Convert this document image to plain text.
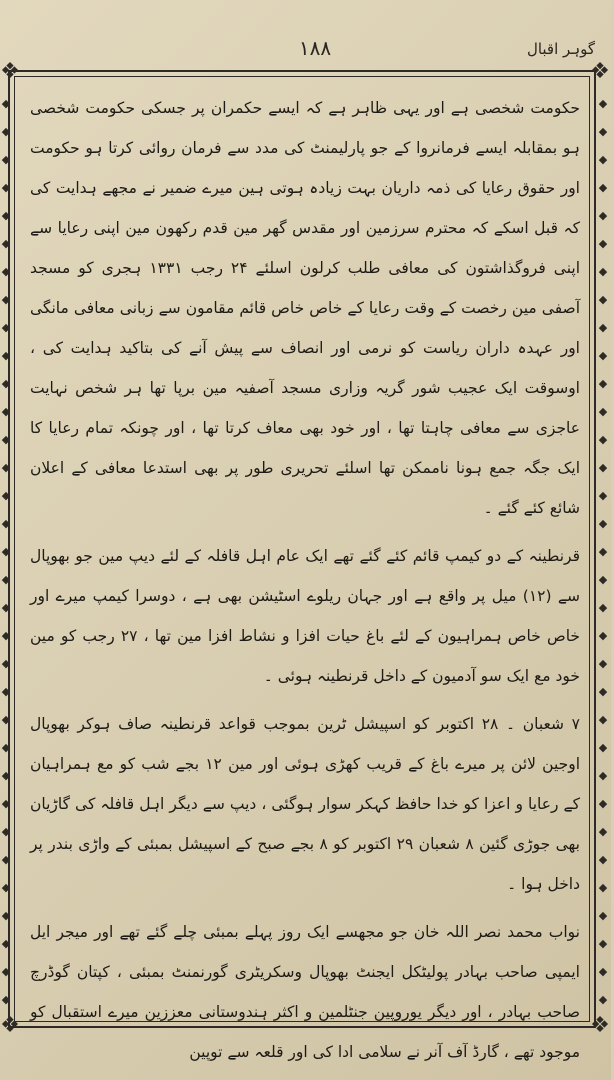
گوہر اقبال
۱۸۸
❖	❖
❖	❖
◆
◆
◆
◆
◆
◆
◆
◆
◆
◆
◆
◆
◆
◆
◆
◆
◆
◆
◆
◆
◆
◆
◆
◆
◆
◆
◆
◆
◆
◆
◆
◆
◆
◆
◆
◆
◆
◆
◆
◆
◆
◆
◆
◆
◆
◆
◆
◆
◆
◆
◆
◆
◆
◆
◆
◆
◆
◆
◆
◆
◆
◆
◆
◆
◆
◆

حکومت شخصی ہے اور یہی ظاہر ہے کہ ایسے حکمران پر جسکی حکومت شخصی ہو بمقابلہ ایسے فرمانروا کے جو پارلیمنٹ کی مدد سے فرمان روائی کرتا ہو حکومت اور حقوق رعایا کی ذمہ داریان بہت زیادہ ہوتی ہین میرے ضمیر نے مجھے ہدایت کی کہ قبل اسکے کہ محترم سرزمین اور مقدس گھر مین قدم رکھون مین اپنی رعایا سے اپنی فروگذاشتون کی معافی طلب کرلون اسلئے ۲۴ رجب ۱۳۳۱ ہجری کو مسجد آصفی مین رخصت کے وقت رعایا کے خاص خاص قائم مقامون سے زبانی معافی مانگی اور عہدہ داران ریاست کو نرمی اور انصاف سے پیش آنے کی بتاکید ہدایت کی ، اوسوقت ایک عجیب شور گریہ وزاری مسجد آصفیہ مین برپا تھا ہر شخص نہایت عاجزی سے معافی چاہتا تھا ، اور خود بھی معاف کرتا تھا ، اور چونکہ تمام رعایا کا ایک جگہ جمع ہونا ناممکن تھا اسلئے تحریری طور پر بھی استدعا معافی کے اعلان شائع کئے گئے ۔

قرنطینہ کے دو کیمپ قائم کئے گئے تھے ایک عام اہل قافلہ کے لئے دیپ مین جو بھوپال سے (۱۲) میل پر واقع ہے اور جہان ریلوے اسٹیشن بھی ہے ، دوسرا کیمپ میرے اور خاص خاص ہمراہیون کے لئے باغ حیات افزا و نشاط افزا مین تھا ، ۲۷ رجب کو مین خود مع ایک سو آدمیون کے داخل قرنطینہ ہوئی ۔

۷ شعبان ۔ ۲۸ اکتوبر کو اسپیشل ٹرین بموجب قواعد قرنطینہ صاف ہوکر بھوپال اوجین لائن پر میرے باغ کے قریب کھڑی ہوئی اور مین ۱۲ بجے شب کو مع ہمراہیان کے رعایا و اعزا کو خدا حافظ کہکر سوار ہوگئی ، دیپ سے دیگر اہل قافلہ کی گاڑیان بھی جوڑی گئین ۸ شعبان ۲۹ اکتوبر کو ۸ بجے صبح کے اسپیشل بمبئی کے واڑی بندر پر داخل ہوا ۔

نواب محمد نصر اللہ خان جو مجھسے ایک روز پہلے بمبئی چلے گئے تھے اور میجر ایل ایمپی صاحب بہادر پولیٹکل ایجنٹ بھوپال وسکریٹری گورنمنٹ بمبئی ، کپتان گوڈرچ صاحب بہادر ، اور دیگر یوروپین جنٹلمین و اکثر ہندوستانی معززین میرے استقبال کو موجود تھے ، گارڈ آف آنر نے سلامی ادا کی اور قلعہ سے توپین
